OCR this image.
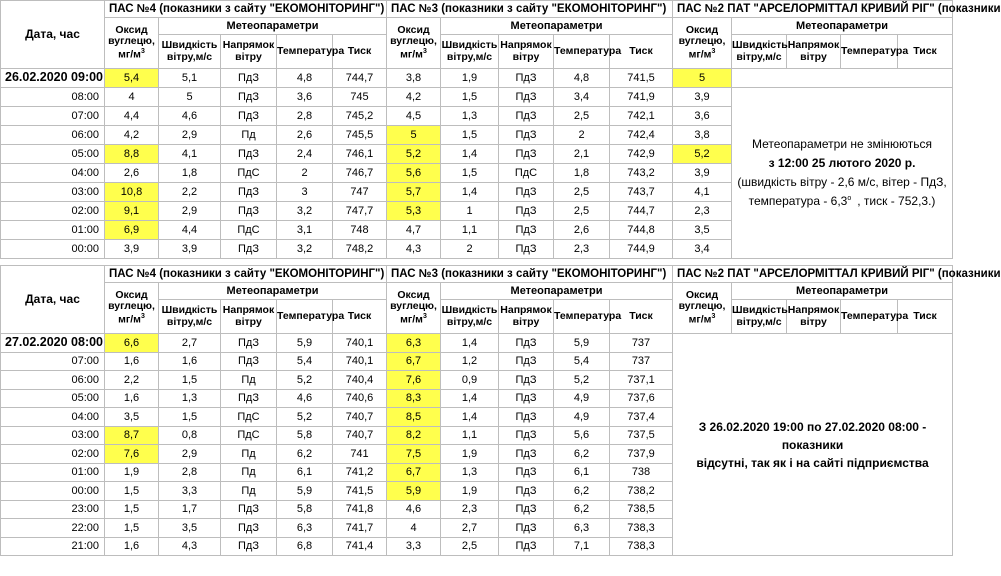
Дата, час	ПАС №4 (показники з сайту "ЕКОМОНІТОРИНГ")					ПАС №3 (показники з сайту "ЕКОМОНІТОРИНГ")					ПАС №2 ПАТ "АРСЕЛОРМІТТАЛ КРИВИЙ РІГ" (показники				
	Оксид вуглецю, $мг/м^3$	Метеопараметри				Оксид вуглецю, $мг/м^3$	Метеопараметри				Оксид вуглецю, $мг/м^3$	Метеопараметри			
		Швидкість вітру,м/с	Напрямок вітру	Температура	Тиск		Швидкість вітру,м/с	Напрямок вітру	Температура	Тиск		Швидкість вітру,м/с	Напрямок вітру	Температура	Тиск
26.02.2020 09:00	5,4	5,1	ПдЗ	4,8	744,7	3,8	1,9	ПдЗ	4,8	741,5	5				
08:00	4	5	ПдЗ	3,6	745	4,2	1,5	ПдЗ	3,4	741,9	3,9	Метеопараметри не змінюються
з 12:00 25 лютого 2020 р.
(швидкість вітру - 2,6 м/с, вітер - ПдЗ,
температура - $6,3^о$ , тиск - 752,3.)			

07:00	4,4	4,6	ПдЗ	2,8	745,2	4,5	1,3	ПдЗ	2,5	742,1	3,6				
06:00	4,2	2,9	Пд	2,6	745,5	5	1,5	ПдЗ	2	742,4	3,8				
05:00	8,8	4,1	ПдЗ	2,4	746,1	5,2	1,4	ПдЗ	2,1	742,9	5,2				
04:00	2,6	1,8	ПдС	2	746,7	5,6	1,5	ПдС	1,8	743,2	3,9				
03:00	10,8	2,2	ПдЗ	3	747	5,7	1,4	ПдЗ	2,5	743,7	4,1				
02:00	9,1	2,9	ПдЗ	3,2	747,7	5,3	1	ПдЗ	2,5	744,7	2,3				
01:00	6,9	4,4	ПдС	3,1	748	4,7	1,1	ПдЗ	2,6	744,8	3,5				
00:00	3,9	3,9	ПдЗ	3,2	748,2	4,3	2	ПдЗ	2,3	744,9	3,4				
Дата, час	ПАС №4 (показники з сайту "ЕКОМОНІТОРИНГ")					ПАС №3 (показники з сайту "ЕКОМОНІТОРИНГ")					ПАС №2 ПАТ "АРСЕЛОРМІТТАЛ КРИВИЙ РІГ" (показники				
	Оксид вуглецю, $мг/м^3$	Метеопараметри				Оксид вуглецю, $мг/м^3$	Метеопараметри				Оксид вуглецю, $мг/м^3$	Метеопараметри			
		Швидкість вітру,м/с	Напрямок вітру	Температура	Тиск		Швидкість вітру,м/с	Напрямок вітру	Температура	Тиск		Швидкість вітру,м/с	Напрямок вітру	Температура	Тиск
27.02.2020 08:00	6,6	2,7	ПдЗ	5,9	740,1	6,3	1,4	ПдЗ	5,9	737	З 26.02.2020 19:00 по 27.02.2020 08:00 - показники
відсутні, так як і на сайті підприємства				

07:00	1,6	1,6	ПдЗ	5,4	740,1	6,7	1,2	ПдЗ	5,4	737					
06:00	2,2	1,5	Пд	5,2	740,4	7,6	0,9	ПдЗ	5,2	737,1					
05:00	1,6	1,3	ПдЗ	4,6	740,6	8,3	1,4	ПдЗ	4,9	737,6					
04:00	3,5	1,5	ПдС	5,2	740,7	8,5	1,4	ПдЗ	4,9	737,4					
03:00	8,7	0,8	ПдС	5,8	740,7	8,2	1,1	ПдЗ	5,6	737,5					
02:00	7,6	2,9	Пд	6,2	741	7,5	1,9	ПдЗ	6,2	737,9					
01:00	1,9	2,8	Пд	6,1	741,2	6,7	1,3	ПдЗ	6,1	738					
00:00	1,5	3,3	Пд	5,9	741,5	5,9	1,9	ПдЗ	6,2	738,2					
23:00	1,5	1,7	ПдЗ	5,8	741,8	4,6	2,3	ПдЗ	6,2	738,5					
22:00	1,5	3,5	ПдЗ	6,3	741,7	4	2,7	ПдЗ	6,3	738,3					
21:00	1,6	4,3	ПдЗ	6,8	741,4	3,3	2,5	ПдЗ	7,1	738,3					
